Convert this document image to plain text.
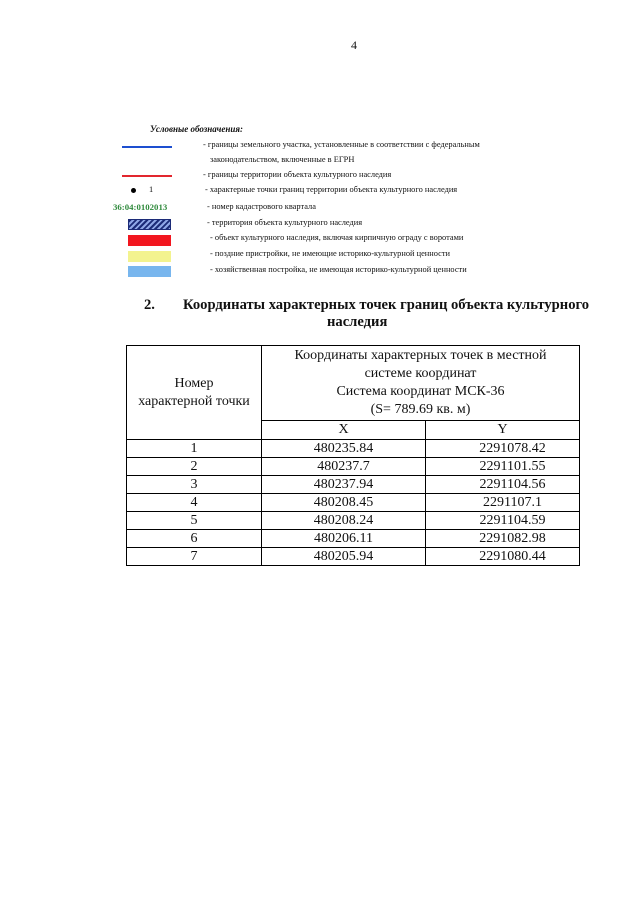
4
Условные обозначения:
- границы земельного участка, установленные в соответствии с федеральным
законодательством, включенные в ЕГРН
- границы территории объекта культурного наследия
1	- характерные точки границ территории объекта культурного наследия
36:04:0102013	- номер кадастрового квартала
- территория объекта культурного наследия
- объект культурного наследия, включая кирпичную ограду с воротами
- поздние пристройки, не имеющие историко-культурной ценности
- хозяйственная постройка, не имеющая историко-культурной ценности
2. Координаты характерных точек границ объекта культурного
наследия
Номер
характерной точки	Координаты характерных точек в местной
системе координат
Система координат МСК-36
(S= 789.69 кв. м)	

	X	Y
1	480235.84	2291078.42
2	480237.7	2291101.55
3	480237.94	2291104.56
4	480208.45	2291107.1
5	480208.24	2291104.59
6	480206.11	2291082.98
7	480205.94	2291080.44
